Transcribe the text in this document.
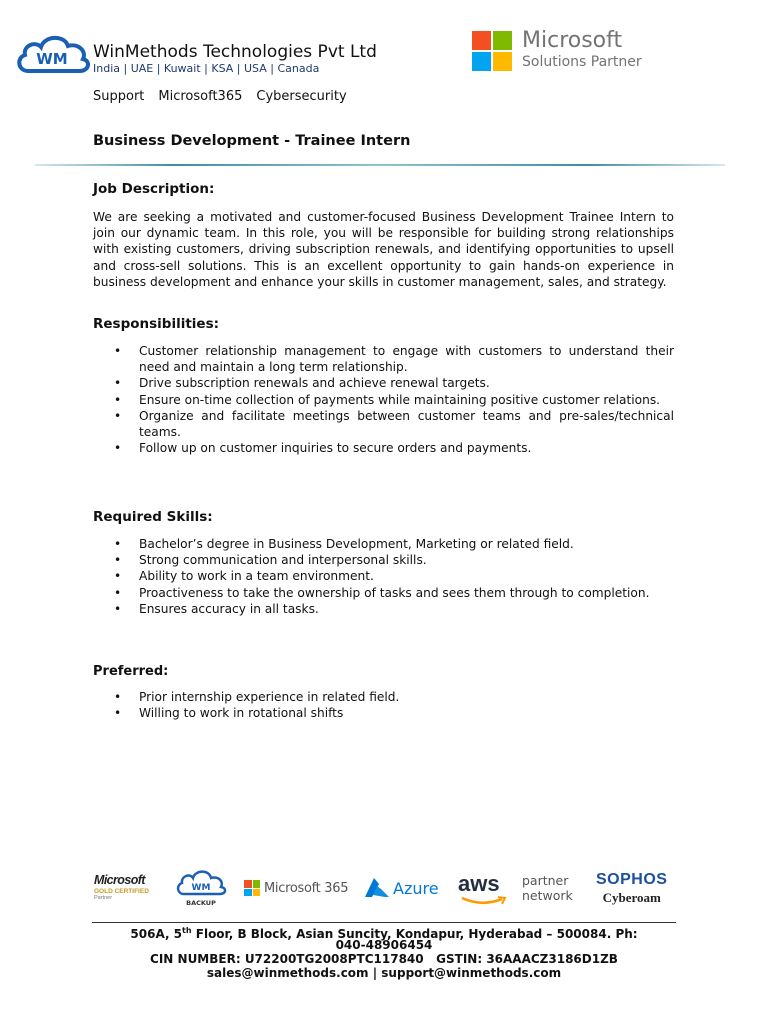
WM WinMethods Technologies Pvt Ltd
India | UAE | Kuwait | KSA | USA | Canada
Microsoft
Solutions Partner
Support Microsoft365 Cybersecurity
Business Development - Trainee Intern
Job Description:

We are seeking a motivated and customer-focused Business Development Trainee Intern to join our dynamic team. In this role, you will be responsible for building strong relationships with existing customers, driving subscription renewals, and identifying opportunities to upsell and cross-sell solutions. This is an excellent opportunity to gain hands-on experience in business development and enhance your skills in customer management, sales, and strategy.

Responsibilities:
• Customer relationship management to engage with customers to understand their need and maintain a long term relationship.
• Drive subscription renewals and achieve renewal targets.
• Ensure on-time collection of payments while maintaining positive customer relations.
• Organize and facilitate meetings between customer teams and pre-sales/technical teams.
• Follow up on customer inquiries to secure orders and payments.
Required Skills:
• Bachelor’s degree in Business Development, Marketing or related field.
• Strong communication and interpersonal skills.
• Ability to work in a team environment.
• Proactiveness to take the ownership of tasks and sees them through to completion.
• Ensures accuracy in all tasks.
Preferred:
• Prior internship experience in related field.
• Willing to work in rotational shifts
Microsoft
GOLD CERTIFIED
Partner
WM
BACKUP
Microsoft 365	Azure aws partner
network
SOPHOS
Cyberoam
506A, 5th Floor, B Block, Asian Suncity, Kondapur, Hyderabad – 500084. Ph:
040-48906454
CIN NUMBER: U72200TG2008PTC117840   GSTIN: 36AAACZ3186D1ZB
sales@winmethods.com | support@winmethods.com
